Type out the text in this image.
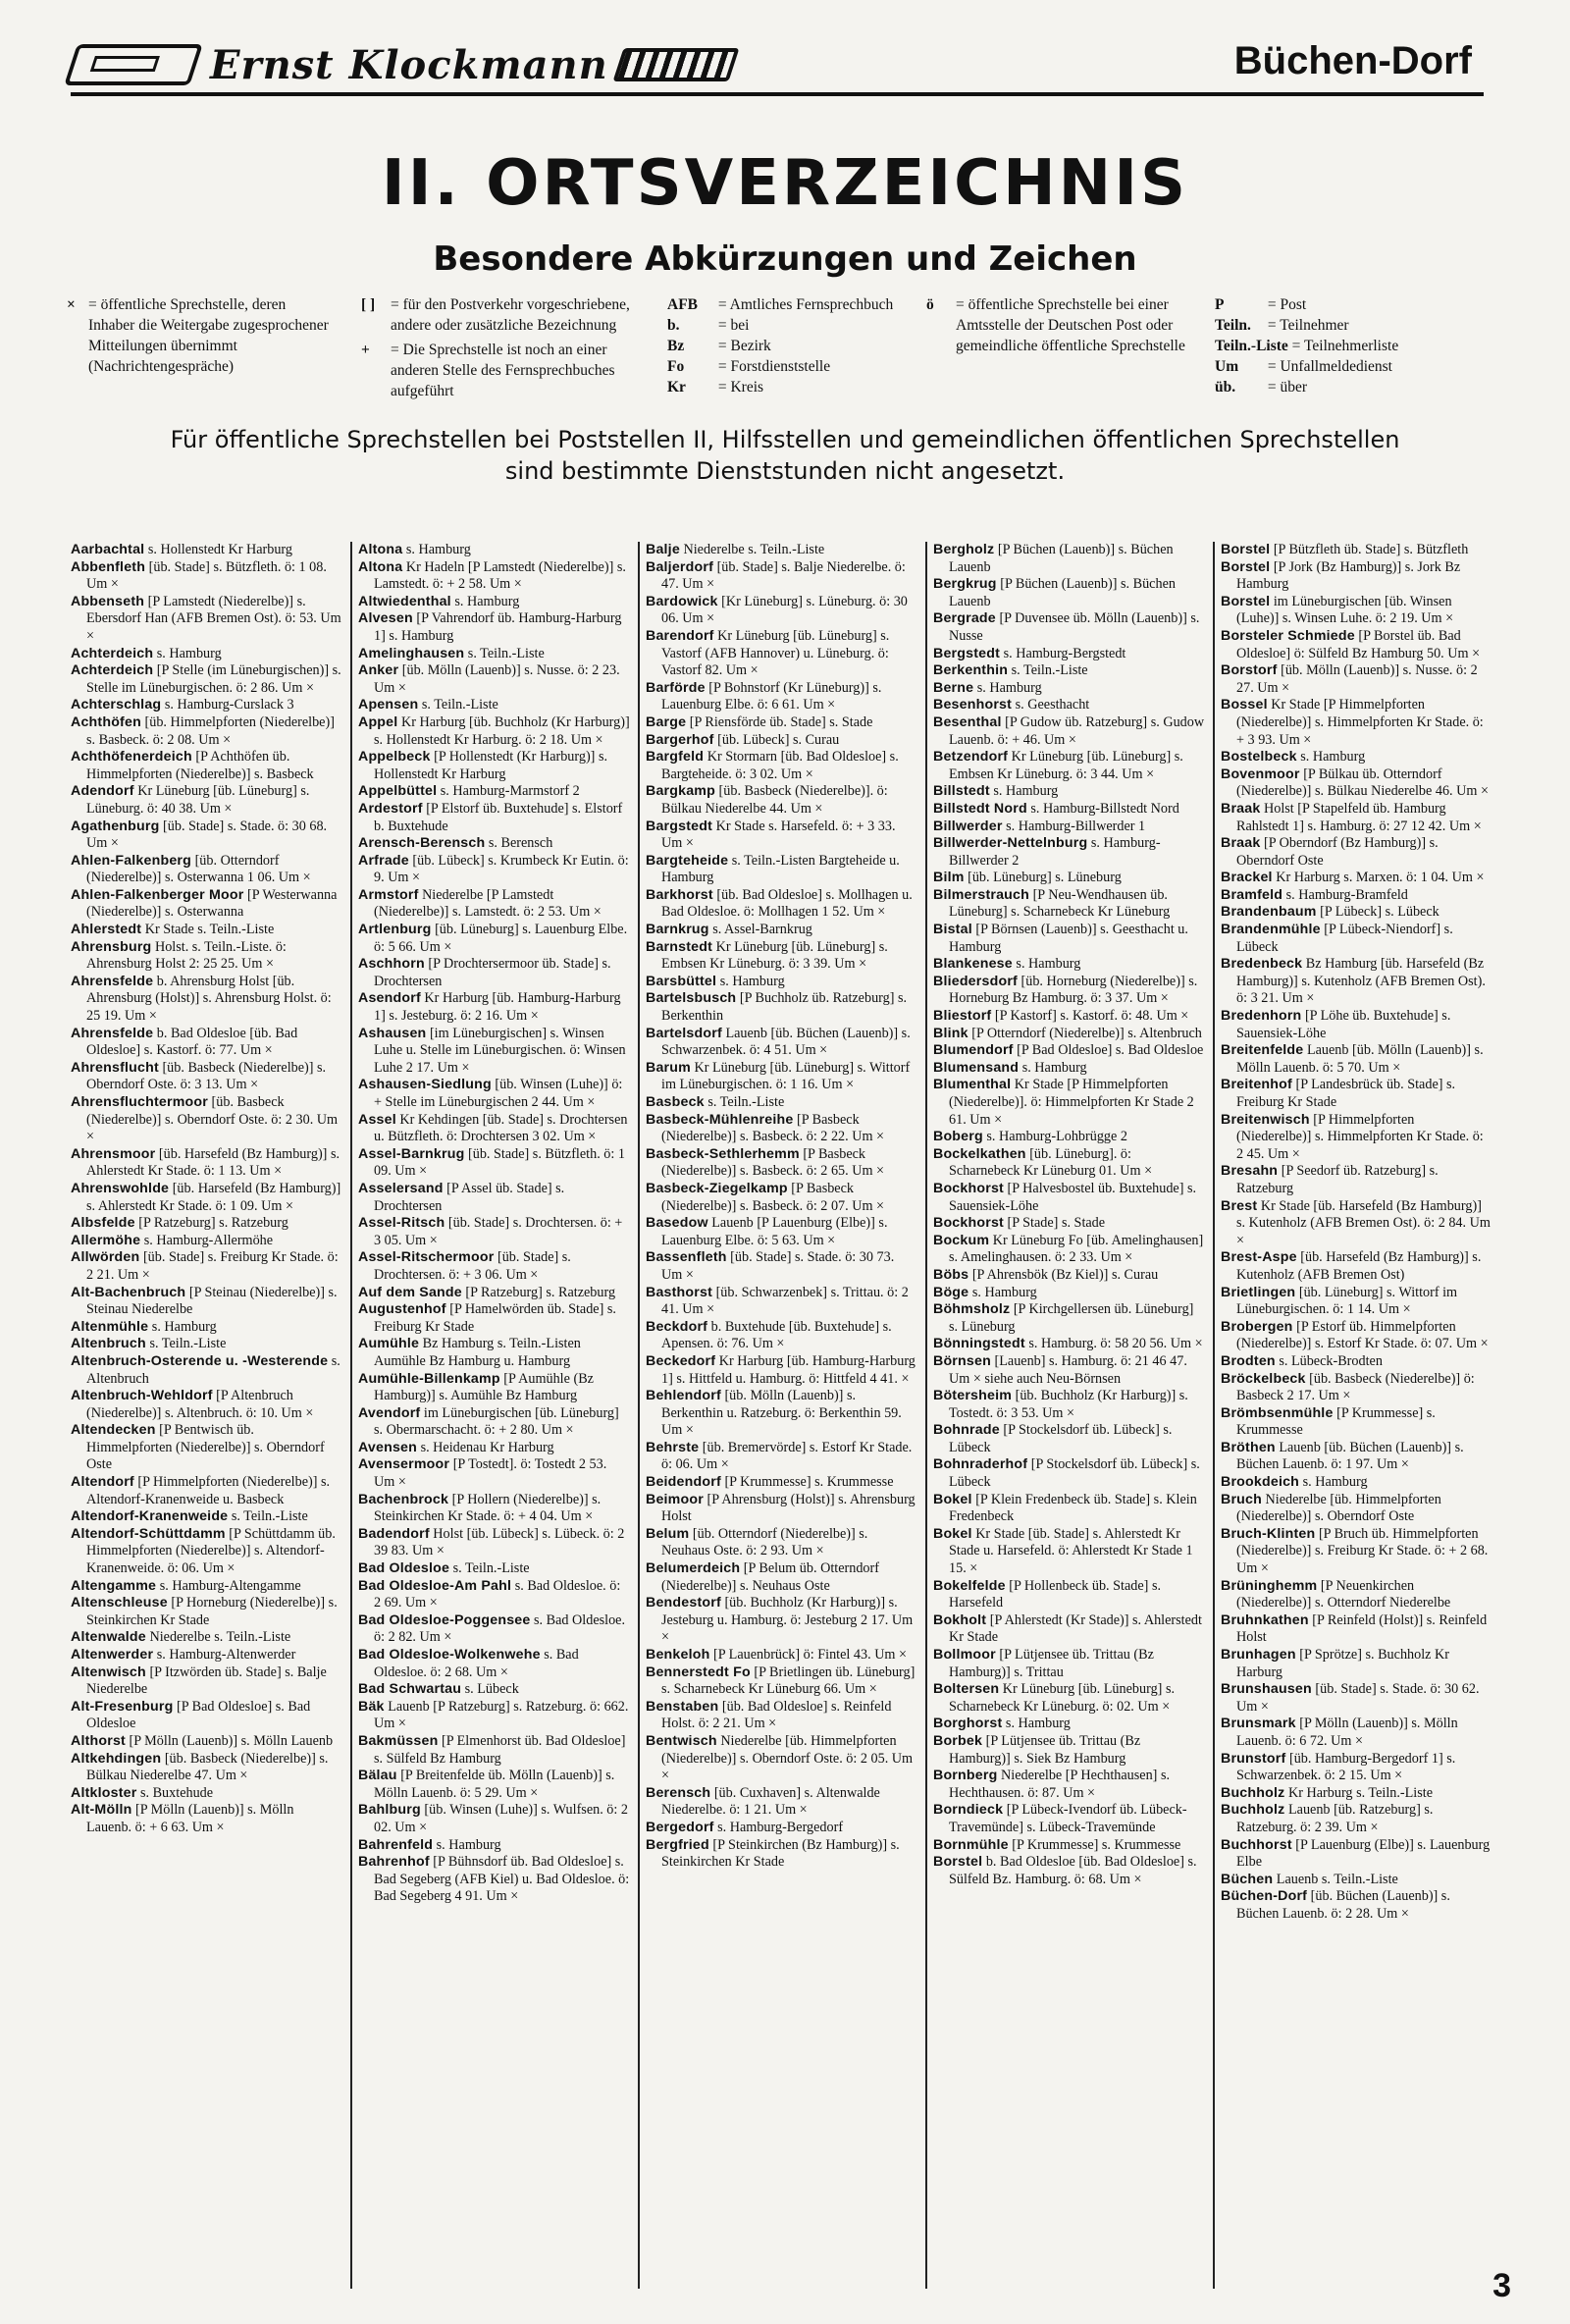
Ernst Klockmann	Büchen-Dorf
II. ORTSVERZEICHNIS
Besondere Abkürzungen und Zeichen
× = öffentliche Sprechstelle, deren Inhaber die Weitergabe zugesprochener Mitteilungen übernimmt (Nachrichtengespräche)
[ ]	= für den Postverkehr vorgeschriebene, andere oder zusätzliche Bezeichnung
+	= Die Sprechstelle ist noch an einer anderen Stelle des Fernsprechbuches aufgeführt
AFB = Amtliches Fernsprechbuch
b.	= bei
Bz = Bezirk
Fo = Forstdienststelle
Kr = Kreis
ö	= öffentliche Sprechstelle bei einer Amtsstelle der Deutschen Post oder gemeindliche öffentliche Sprechstelle
P	= Post
Teiln. = Teilnehmer
Teiln.-Liste = Teilnehmerliste
Um = Unfallmeldedienst
üb. = über
Für öffentliche Sprechstellen bei Poststellen II, Hilfsstellen und gemeindlichen öffentlichen Sprechstellen
sind bestimmte Dienststunden nicht angesetzt.

Aarbachtal s. Hollenstedt Kr Harburg

Abbenfleth [üb. Stade] s. Bützfleth. ö: 1 08. Um ×

Abbenseth [P Lamstedt (Niederelbe)] s. Ebersdorf Han (AFB Bremen Ost). ö: 53. Um ×

Achterdeich s. Hamburg

Achterdeich [P Stelle (im Lüneburgischen)] s. Stelle im Lüneburgischen. ö: 2 86. Um ×

Achterschlag s. Hamburg-Curslack 3

Achthöfen [üb. Himmelpforten (Niederelbe)] s. Basbeck. ö: 2 08. Um ×

Achthöfenerdeich [P Achthöfen üb. Himmelpforten (Niederelbe)] s. Basbeck

Adendorf Kr Lüneburg [üb. Lüneburg] s. Lüneburg. ö: 40 38. Um ×

Agathenburg [üb. Stade] s. Stade. ö: 30 68. Um ×

Ahlen-Falkenberg [üb. Otterndorf (Niederelbe)] s. Osterwanna 1 06. Um ×

Ahlen-Falkenberger Moor [P Westerwanna (Niederelbe)] s. Osterwanna

Ahlerstedt Kr Stade s. Teiln.-Liste

Ahrensburg Holst. s. Teiln.-Liste. ö: Ahrensburg Holst 2: 25 25. Um ×

Ahrensfelde b. Ahrensburg Holst [üb. Ahrensburg (Holst)] s. Ahrensburg Holst. ö: 25 19. Um ×

Ahrensfelde b. Bad Oldesloe [üb. Bad Oldesloe] s. Kastorf. ö: 77. Um ×

Ahrensflucht [üb. Basbeck (Niederelbe)] s. Oberndorf Oste. ö: 3 13. Um ×

Ahrensfluchtermoor [üb. Basbeck (Niederelbe)] s. Oberndorf Oste. ö: 2 30. Um ×

Ahrensmoor [üb. Harsefeld (Bz Hamburg)] s. Ahlerstedt Kr Stade. ö: 1 13. Um ×

Ahrenswohlde [üb. Harsefeld (Bz Hamburg)] s. Ahlerstedt Kr Stade. ö: 1 09. Um ×

Albsfelde [P Ratzeburg] s. Ratzeburg

Allermöhe s. Hamburg-Allermöhe

Allwörden [üb. Stade] s. Freiburg Kr Stade. ö: 2 21. Um ×

Alt-Bachenbruch [P Steinau (Niederelbe)] s. Steinau Niederelbe

Altenmühle s. Hamburg

Altenbruch s. Teiln.-Liste

Altenbruch-Osterende u. -Westerende s. Altenbruch

Altenbruch-Wehldorf [P Altenbruch (Niederelbe)] s. Altenbruch. ö: 10. Um ×

Altendecken [P Bentwisch üb. Himmelpforten (Niederelbe)] s. Oberndorf Oste

Altendorf [P Himmelpforten (Niederelbe)] s. Altendorf-Kranenweide u. Basbeck

Altendorf-Kranenweide s. Teiln.-Liste

Altendorf-Schüttdamm [P Schüttdamm üb. Himmelpforten (Niederelbe)] s. Altendorf-Kranenweide. ö: 06. Um ×

Altengamme s. Hamburg-Altengamme

Altenschleuse [P Horneburg (Niederelbe)] s. Steinkirchen Kr Stade

Altenwalde Niederelbe s. Teiln.-Liste

Altenwerder s. Hamburg-Altenwerder

Altenwisch [P Itzwörden üb. Stade] s. Balje Niederelbe

Alt-Fresenburg [P Bad Oldesloe] s. Bad Oldesloe

Althorst [P Mölln (Lauenb)] s. Mölln Lauenb

Altkehdingen [üb. Basbeck (Niederelbe)] s. Bülkau Niederelbe 47. Um ×

Altkloster s. Buxtehude

Alt-Mölln [P Mölln (Lauenb)] s. Mölln Lauenb. ö: + 6 63. Um ×

Altona s. Hamburg

Altona Kr Hadeln [P Lamstedt (Niederelbe)] s. Lamstedt. ö: + 2 58. Um ×

Altwiedenthal s. Hamburg

Alvesen [P Vahrendorf üb. Hamburg-Harburg 1] s. Hamburg

Amelinghausen s. Teiln.-Liste

Anker [üb. Mölln (Lauenb)] s. Nusse. ö: 2 23. Um ×

Apensen s. Teiln.-Liste

Appel Kr Harburg [üb. Buchholz (Kr Harburg)] s. Hollenstedt Kr Harburg. ö: 2 18. Um ×

Appelbeck [P Hollenstedt (Kr Harburg)] s. Hollenstedt Kr Harburg

Appelbüttel s. Hamburg-Marmstorf 2

Ardestorf [P Elstorf üb. Buxtehude] s. Elstorf b. Buxtehude

Arensch-Berensch s. Berensch

Arfrade [üb. Lübeck] s. Krumbeck Kr Eutin. ö: 9. Um ×

Armstorf Niederelbe [P Lamstedt (Niederelbe)] s. Lamstedt. ö: 2 53. Um ×

Artlenburg [üb. Lüneburg] s. Lauenburg Elbe. ö: 5 66. Um ×

Aschhorn [P Drochtersermoor üb. Stade] s. Drochtersen

Asendorf Kr Harburg [üb. Hamburg-Harburg 1] s. Jesteburg. ö: 2 16. Um ×

Ashausen [im Lüneburgischen] s. Winsen Luhe u. Stelle im Lüneburgischen. ö: Winsen Luhe 2 17. Um ×

Ashausen-Siedlung [üb. Winsen (Luhe)] ö: + Stelle im Lüneburgischen 2 44. Um ×

Assel Kr Kehdingen [üb. Stade] s. Drochtersen u. Bützfleth. ö: Drochtersen 3 02. Um ×

Assel-Barnkrug [üb. Stade] s. Bützfleth. ö: 1 09. Um ×

Asselersand [P Assel üb. Stade] s. Drochtersen

Assel-Ritsch [üb. Stade] s. Drochtersen. ö: + 3 05. Um ×

Assel-Ritschermoor [üb. Stade] s. Drochtersen. ö: + 3 06. Um ×

Auf dem Sande [P Ratzeburg] s. Ratzeburg

Augustenhof [P Hamelwörden üb. Stade] s. Freiburg Kr Stade

Aumühle Bz Hamburg s. Teiln.-Listen Aumühle Bz Hamburg u. Hamburg

Aumühle-Billenkamp [P Aumühle (Bz Hamburg)] s. Aumühle Bz Hamburg

Avendorf im Lüneburgischen [üb. Lüneburg] s. Obermarschacht. ö: + 2 80. Um ×

Avensen s. Heidenau Kr Harburg

Avensermoor [P Tostedt]. ö: Tostedt 2 53. Um ×

Bachenbrock [P Hollern (Niederelbe)] s. Steinkirchen Kr Stade. ö: + 4 04. Um ×

Badendorf Holst [üb. Lübeck] s. Lübeck. ö: 2 39 83. Um ×

Bad Oldesloe s. Teiln.-Liste

Bad Oldesloe-Am Pahl s. Bad Oldesloe. ö: 2 69. Um ×

Bad Oldesloe-Poggensee s. Bad Oldesloe. ö: 2 82. Um ×

Bad Oldesloe-Wolkenwehe s. Bad Oldesloe. ö: 2 68. Um ×

Bad Schwartau s. Lübeck

Bäk Lauenb [P Ratzeburg] s. Ratzeburg. ö: 662. Um ×

Bakmüssen [P Elmenhorst üb. Bad Oldesloe] s. Sülfeld Bz Hamburg

Bälau [P Breitenfelde üb. Mölln (Lauenb)] s. Mölln Lauenb. ö: 5 29. Um ×

Bahlburg [üb. Winsen (Luhe)] s. Wulfsen. ö: 2 02. Um ×

Bahrenfeld s. Hamburg

Bahrenhof [P Bühnsdorf üb. Bad Oldesloe] s. Bad Segeberg (AFB Kiel) u. Bad Oldesloe. ö: Bad Segeberg 4 91. Um ×

Balje Niederelbe s. Teiln.-Liste

Baljerdorf [üb. Stade] s. Balje Niederelbe. ö: 47. Um ×

Bardowick [Kr Lüneburg] s. Lüneburg. ö: 30 06. Um ×

Barendorf Kr Lüneburg [üb. Lüneburg] s. Vastorf (AFB Hannover) u. Lüneburg. ö: Vastorf 82. Um ×

Barförde [P Bohnstorf (Kr Lüneburg)] s. Lauenburg Elbe. ö: 6 61. Um ×

Barge [P Riensförde üb. Stade] s. Stade

Bargerhof [üb. Lübeck] s. Curau

Bargfeld Kr Stormarn [üb. Bad Oldesloe] s. Bargteheide. ö: 3 02. Um ×

Bargkamp [üb. Basbeck (Niederelbe)]. ö: Bülkau Niederelbe 44. Um ×

Bargstedt Kr Stade s. Harsefeld. ö: + 3 33. Um ×

Bargteheide s. Teiln.-Listen Bargteheide u. Hamburg

Barkhorst [üb. Bad Oldesloe] s. Mollhagen u. Bad Oldesloe. ö: Mollhagen 1 52. Um ×

Barnkrug s. Assel-Barnkrug

Barnstedt Kr Lüneburg [üb. Lüneburg] s. Embsen Kr Lüneburg. ö: 3 39. Um ×

Barsbüttel s. Hamburg

Bartelsbusch [P Buchholz üb. Ratzeburg] s. Berkenthin

Bartelsdorf Lauenb [üb. Büchen (Lauenb)] s. Schwarzenbek. ö: 4 51. Um ×

Barum Kr Lüneburg [üb. Lüneburg] s. Wittorf im Lüneburgischen. ö: 1 16. Um ×

Basbeck s. Teiln.-Liste

Basbeck-Mühlenreihe [P Basbeck (Niederelbe)] s. Basbeck. ö: 2 22. Um ×

Basbeck-Sethlerhemm [P Basbeck (Niederelbe)] s. Basbeck. ö: 2 65. Um ×

Basbeck-Ziegelkamp [P Basbeck (Niederelbe)] s. Basbeck. ö: 2 07. Um ×

Basedow Lauenb [P Lauenburg (Elbe)] s. Lauenburg Elbe. ö: 5 63. Um ×

Bassenfleth [üb. Stade] s. Stade. ö: 30 73. Um ×

Basthorst [üb. Schwarzenbek] s. Trittau. ö: 2 41. Um ×

Beckdorf b. Buxtehude [üb. Buxtehude] s. Apensen. ö: 76. Um ×

Beckedorf Kr Harburg [üb. Hamburg-Harburg 1] s. Hittfeld u. Hamburg. ö: Hittfeld 4 41. ×

Behlendorf [üb. Mölln (Lauenb)] s. Berkenthin u. Ratzeburg. ö: Berkenthin 59. Um ×

Behrste [üb. Bremervörde] s. Estorf Kr Stade. ö: 06. Um ×

Beidendorf [P Krummesse] s. Krummesse

Beimoor [P Ahrensburg (Holst)] s. Ahrensburg Holst

Belum [üb. Otterndorf (Niederelbe)] s. Neuhaus Oste. ö: 2 93. Um ×

Belumerdeich [P Belum üb. Otterndorf (Niederelbe)] s. Neuhaus Oste

Bendestorf [üb. Buchholz (Kr Harburg)] s. Jesteburg u. Hamburg. ö: Jesteburg 2 17. Um ×

Benkeloh [P Lauenbrück] ö: Fintel 43. Um ×

Bennerstedt Fo [P Brietlingen üb. Lüneburg] s. Scharnebeck Kr Lüneburg 66. Um ×

Benstaben [üb. Bad Oldesloe] s. Reinfeld Holst. ö: 2 21. Um ×

Bentwisch Niederelbe [üb. Himmelpforten (Niederelbe)] s. Oberndorf Oste. ö: 2 05. Um ×

Berensch [üb. Cuxhaven] s. Altenwalde Niederelbe. ö: 1 21. Um ×

Bergedorf s. Hamburg-Bergedorf

Bergfried [P Steinkirchen (Bz Hamburg)] s. Steinkirchen Kr Stade

Bergholz [P Büchen (Lauenb)] s. Büchen Lauenb

Bergkrug [P Büchen (Lauenb)] s. Büchen Lauenb

Bergrade [P Duvensee üb. Mölln (Lauenb)] s. Nusse

Bergstedt s. Hamburg-Bergstedt

Berkenthin s. Teiln.-Liste

Berne s. Hamburg

Besenhorst s. Geesthacht

Besenthal [P Gudow üb. Ratzeburg] s. Gudow Lauenb. ö: + 46. Um ×

Betzendorf Kr Lüneburg [üb. Lüneburg] s. Embsen Kr Lüneburg. ö: 3 44. Um ×

Billstedt s. Hamburg

Billstedt Nord s. Hamburg-Billstedt Nord

Billwerder s. Hamburg-Billwerder 1

Billwerder-Nettelnburg s. Hamburg-Billwerder 2

Bilm [üb. Lüneburg] s. Lüneburg

Bilmerstrauch [P Neu-Wendhausen üb. Lüneburg] s. Scharnebeck Kr Lüneburg

Bistal [P Börnsen (Lauenb)] s. Geesthacht u. Hamburg

Blankenese s. Hamburg

Bliedersdorf [üb. Horneburg (Niederelbe)] s. Horneburg Bz Hamburg. ö: 3 37. Um ×

Bliestorf [P Kastorf] s. Kastorf. ö: 48. Um ×

Blink [P Otterndorf (Niederelbe)] s. Altenbruch

Blumendorf [P Bad Oldesloe] s. Bad Oldesloe

Blumensand s. Hamburg

Blumenthal Kr Stade [P Himmelpforten (Niederelbe)]. ö: Himmelpforten Kr Stade 2 61. Um ×

Boberg s. Hamburg-Lohbrügge 2

Bockelkathen [üb. Lüneburg]. ö: Scharnebeck Kr Lüneburg 01. Um ×

Bockhorst [P Halvesbostel üb. Buxtehude] s. Sauensiek-Löhe

Bockhorst [P Stade] s. Stade

Bockum Kr Lüneburg Fo [üb. Amelinghausen] s. Amelinghausen. ö: 2 33. Um ×

Böbs [P Ahrensbök (Bz Kiel)] s. Curau

Böge s. Hamburg

Böhmsholz [P Kirchgellersen üb. Lüneburg] s. Lüneburg

Bönningstedt s. Hamburg. ö: 58 20 56. Um ×

Börnsen [Lauenb] s. Hamburg. ö: 21 46 47. Um × siehe auch Neu-Börnsen

Bötersheim [üb. Buchholz (Kr Harburg)] s. Tostedt. ö: 3 53. Um ×

Bohnrade [P Stockelsdorf üb. Lübeck] s. Lübeck

Bohnraderhof [P Stockelsdorf üb. Lübeck] s. Lübeck

Bokel [P Klein Fredenbeck üb. Stade] s. Klein Fredenbeck

Bokel Kr Stade [üb. Stade] s. Ahlerstedt Kr Stade u. Harsefeld. ö: Ahlerstedt Kr Stade 1 15. ×

Bokelfelde [P Hollenbeck üb. Stade] s. Harsefeld

Bokholt [P Ahlerstedt (Kr Stade)] s. Ahlerstedt Kr Stade

Bollmoor [P Lütjensee üb. Trittau (Bz Hamburg)] s. Trittau

Boltersen Kr Lüneburg [üb. Lüneburg] s. Scharnebeck Kr Lüneburg. ö: 02. Um ×

Borghorst s. Hamburg

Borbek [P Lütjensee üb. Trittau (Bz Hamburg)] s. Siek Bz Hamburg

Bornberg Niederelbe [P Hechthausen] s. Hechthausen. ö: 87. Um ×

Borndieck [P Lübeck-Ivendorf üb. Lübeck-Travemünde] s. Lübeck-Travemünde

Bornmühle [P Krummesse] s. Krummesse

Borstel b. Bad Oldesloe [üb. Bad Oldesloe] s. Sülfeld Bz. Hamburg. ö: 68. Um ×

Borstel [P Bützfleth üb. Stade] s. Bützfleth

Borstel [P Jork (Bz Hamburg)] s. Jork Bz Hamburg

Borstel im Lüneburgischen [üb. Winsen (Luhe)] s. Winsen Luhe. ö: 2 19. Um ×

Borsteler Schmiede [P Borstel üb. Bad Oldesloe] ö: Sülfeld Bz Hamburg 50. Um ×

Borstorf [üb. Mölln (Lauenb)] s. Nusse. ö: 2 27. Um ×

Bossel Kr Stade [P Himmelpforten (Niederelbe)] s. Himmelpforten Kr Stade. ö: + 3 93. Um ×

Bostelbeck s. Hamburg

Bovenmoor [P Bülkau üb. Otterndorf (Niederelbe)] s. Bülkau Niederelbe 46. Um ×

Braak Holst [P Stapelfeld üb. Hamburg Rahlstedt 1] s. Hamburg. ö: 27 12 42. Um ×

Braak [P Oberndorf (Bz Hamburg)] s. Oberndorf Oste

Brackel Kr Harburg s. Marxen. ö: 1 04. Um ×

Bramfeld s. Hamburg-Bramfeld

Brandenbaum [P Lübeck] s. Lübeck

Brandenmühle [P Lübeck-Niendorf] s. Lübeck

Bredenbeck Bz Hamburg [üb. Harsefeld (Bz Hamburg)] s. Kutenholz (AFB Bremen Ost). ö: 3 21. Um ×

Bredenhorn [P Löhe üb. Buxtehude] s. Sauensiek-Löhe

Breitenfelde Lauenb [üb. Mölln (Lauenb)] s. Mölln Lauenb. ö: 5 70. Um ×

Breitenhof [P Landesbrück üb. Stade] s. Freiburg Kr Stade

Breitenwisch [P Himmelpforten (Niederelbe)] s. Himmelpforten Kr Stade. ö: 2 45. Um ×

Bresahn [P Seedorf üb. Ratzeburg] s. Ratzeburg

Brest Kr Stade [üb. Harsefeld (Bz Hamburg)] s. Kutenholz (AFB Bremen Ost). ö: 2 84. Um ×

Brest-Aspe [üb. Harsefeld (Bz Hamburg)] s. Kutenholz (AFB Bremen Ost)

Brietlingen [üb. Lüneburg] s. Wittorf im Lüneburgischen. ö: 1 14. Um ×

Brobergen [P Estorf üb. Himmelpforten (Niederelbe)] s. Estorf Kr Stade. ö: 07. Um ×

Brodten s. Lübeck-Brodten

Bröckelbeck [üb. Basbeck (Niederelbe)] ö: Basbeck 2 17. Um ×

Brömbsenmühle [P Krummesse] s. Krummesse

Bröthen Lauenb [üb. Büchen (Lauenb)] s. Büchen Lauenb. ö: 1 97. Um ×

Brookdeich s. Hamburg

Bruch Niederelbe [üb. Himmelpforten (Niederelbe)] s. Oberndorf Oste

Bruch-Klinten [P Bruch üb. Himmelpforten (Niederelbe)] s. Freiburg Kr Stade. ö: + 2 68. Um ×

Brüninghemm [P Neuenkirchen (Niederelbe)] s. Otterndorf Niederelbe

Bruhnkathen [P Reinfeld (Holst)] s. Reinfeld Holst

Brunhagen [P Sprötze] s. Buchholz Kr Harburg

Brunshausen [üb. Stade] s. Stade. ö: 30 62. Um ×

Brunsmark [P Mölln (Lauenb)] s. Mölln Lauenb. ö: 6 72. Um ×

Brunstorf [üb. Hamburg-Bergedorf 1] s. Schwarzenbek. ö: 2 15. Um ×

Buchholz Kr Harburg s. Teiln.-Liste

Buchholz Lauenb [üb. Ratzeburg] s. Ratzeburg. ö: 2 39. Um ×

Buchhorst [P Lauenburg (Elbe)] s. Lauenburg Elbe

Büchen Lauenb s. Teiln.-Liste

Büchen-Dorf [üb. Büchen (Lauenb)] s. Büchen Lauenb. ö: 2 28. Um ×

3
